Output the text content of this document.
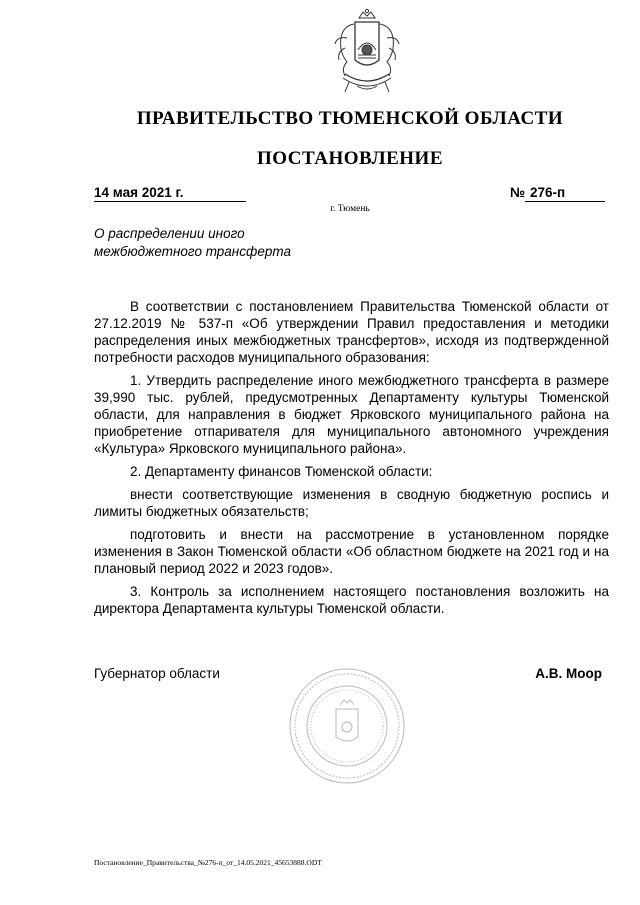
ПРАВИТЕЛЬСТВО ТЮМЕНСКОЙ ОБЛАСТИ
ПОСТАНОВЛЕНИЕ
14 мая 2021 г.	№ 276-п
г. Тюмень
О распределении иного
межбюджетного трансферта

В соответствии с постановлением Правительства Тюменской области от 27.12.2019 № 537-п «Об утверждении Правил предоставления и методики распределения иных межбюджетных трансфертов», исходя из подтвержденной потребности расходов муниципального образования:

1. Утвердить распределение иного межбюджетного трансферта в размере 39,990 тыс. рублей, предусмотренных Департаменту культуры Тюменской области, для направления в бюджет Ярковского муниципального района на приобретение отпаривателя для муниципального автономного учреждения «Культура» Ярковского муниципального района».

2. Департаменту финансов Тюменской области:

внести соответствующие изменения в сводную бюджетную роспись и лимиты бюджетных обязательств;

подготовить и внести на рассмотрение в установленном порядке изменения в Закон Тюменской области «Об областном бюджете на 2021 год и на плановый период 2022 и 2023 годов».

3. Контроль за исполнением настоящего постановления возложить на директора Департамента культуры Тюменской области.

Губернатор области	А.В. Моор
Постановление_Правительства_№276-п_от_14.05.2021_45653888.ODT
